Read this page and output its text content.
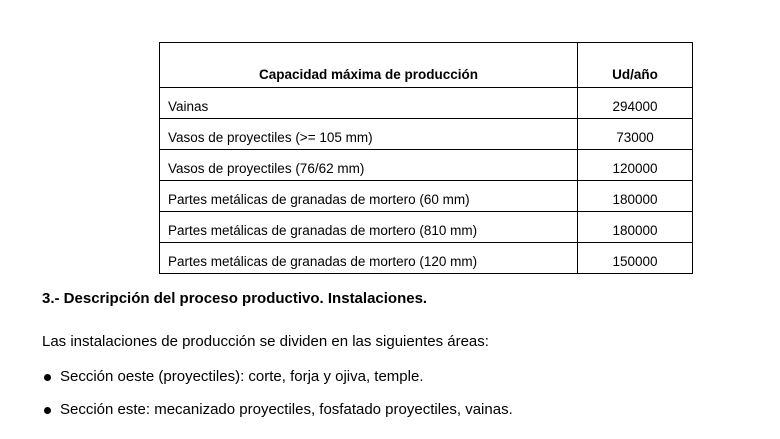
Capacidad máxima de producción	Ud/año
Vainas	294000
Vasos de proyectiles (>= 105 mm)	73000
Vasos de proyectiles (76/62 mm)	120000
Partes metálicas de granadas de mortero (60 mm)	180000
Partes metálicas de granadas de mortero (810 mm)	180000
Partes metálicas de granadas de mortero (120 mm)	150000
3.- Descripción del proceso productivo. Instalaciones.
Las instalaciones de producción se dividen en las siguientes áreas:
Sección oeste (proyectiles): corte, forja y ojiva, temple.
Sección este: mecanizado proyectiles, fosfatado proyectiles, vainas.
